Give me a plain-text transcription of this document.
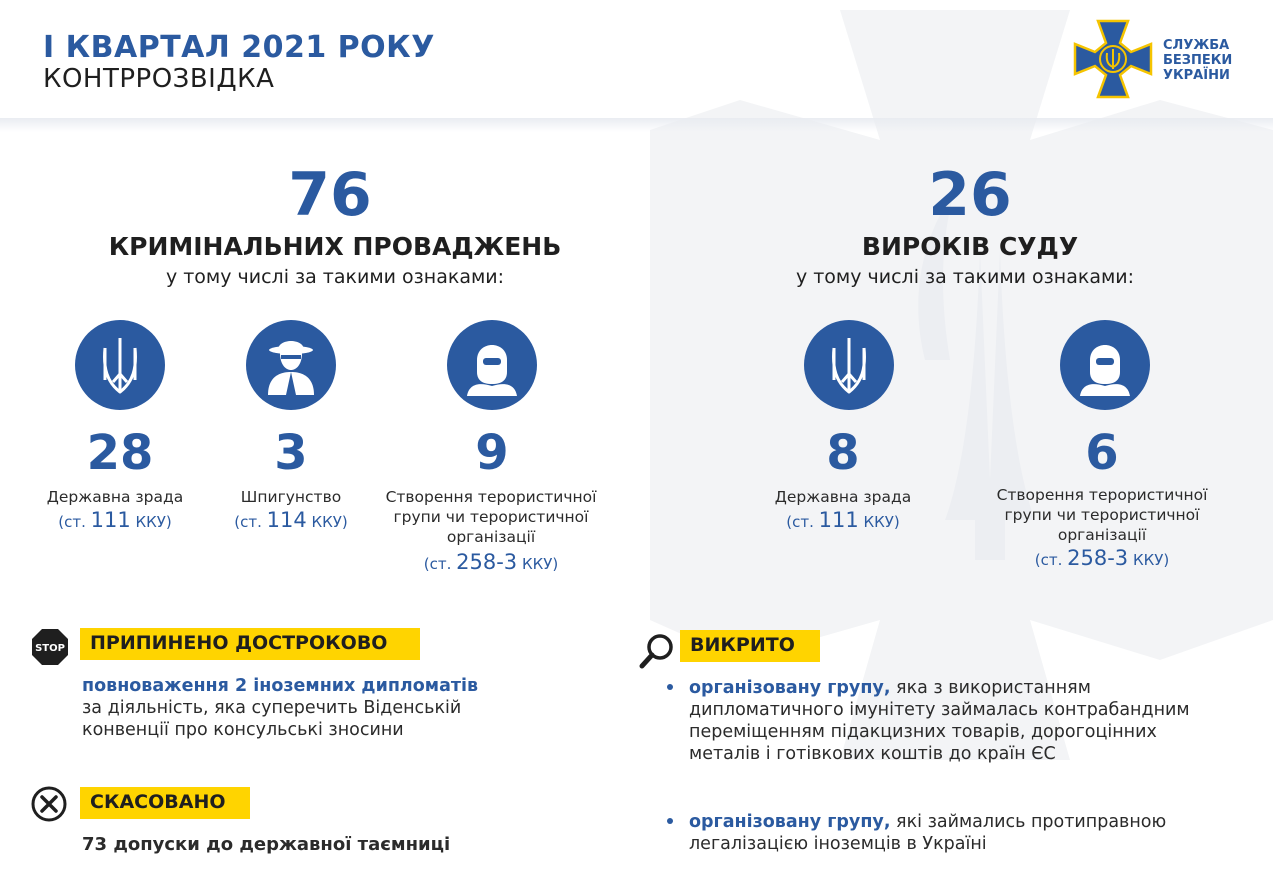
I КВАРТАЛ 2021 РОКУ
КОНТРРОЗВІДКА
СЛУЖБА
БЕЗПЕКИ
УКРАЇНИ
76
КРИМІНАЛЬНИХ ПРОВАДЖЕНЬ
у тому числі за такими ознаками:
28
Державна зрада
(ст. 111 ККУ)
3
Шпигунство
(ст. 114 ККУ)
9
Створення терористичної групи чи терористичної організації
(ст. 258-3 ККУ)
26
ВИРОКІВ СУДУ
у тому числі за такими ознаками:
8
Державна зрада
(ст. 111 ККУ)
6
Створення терористичної групи чи терористичної організації
(ст. 258-3 ККУ)
STOP	ПРИПИНЕНО ДОСТРОКОВО
повноваження 2 іноземних дипломатів
за діяльність, яка суперечить Віденській
конвенції про консульські зносини
СКАСОВАНО
73 допуски до державної таємниці
ВИКРИТО
організовану групу, яка з використанням дипломатичного імунітету займалась контрабандним переміщенням підакцизних товарів, дорогоцінних металів і готівкових коштів до країн ЄС
організовану групу, які займались протиправною легалізацією іноземців в Україні
